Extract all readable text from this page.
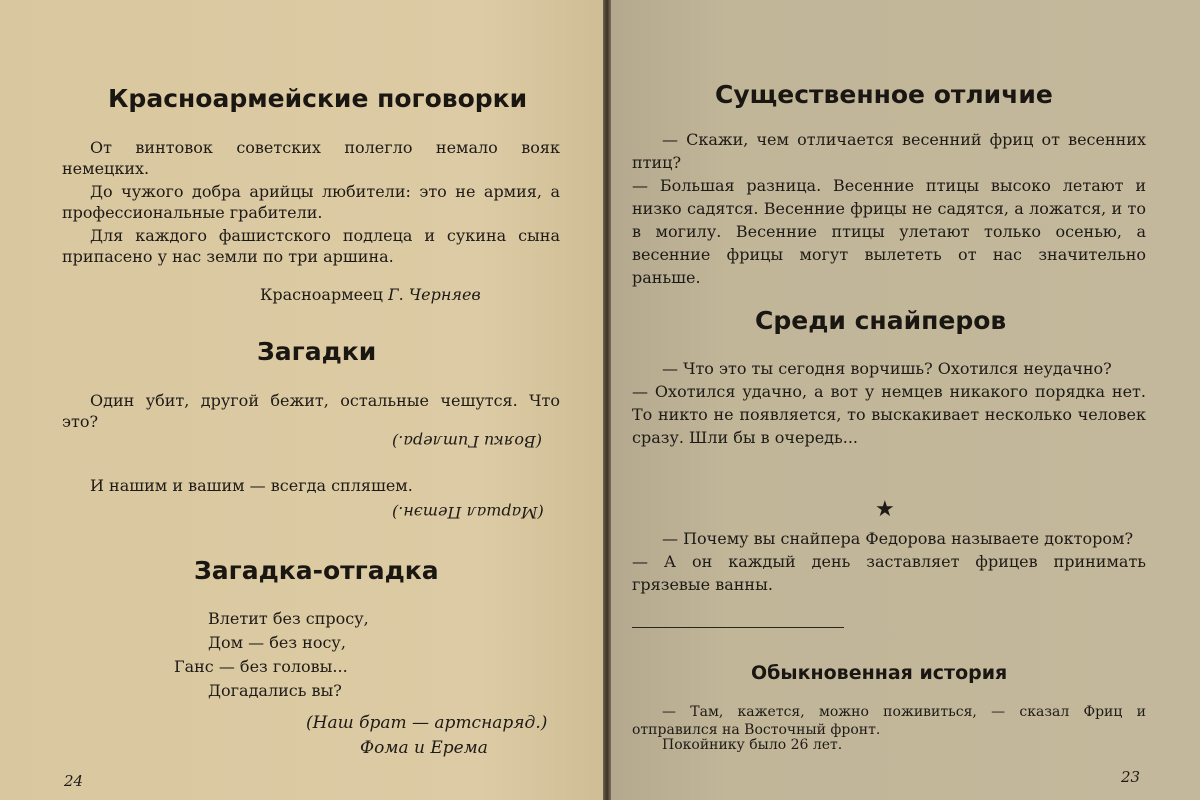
Красноармейские поговорки

От винтовок советских полегло немало вояк немецких.

До чужого добра арийцы любители: это не армия, а профессиональные грабители.

Для каждого фашистского подлеца и сукина сына припасено у нас земли по три аршина.

Красноармеец Г. Черняев
Загадки

Один убит, другой бежит, остальные чешутся. Что это?

(Вояки Гитлера.)

И нашим и вашим — всегда спляшем.

(Маршал Петэн.)
Загадка-отгадка
Влетит без спросу,
Дом — без носу,
Ганс — без головы...
Догадались вы?
(Наш брат — артснаряд.)
Фома и Ерема
24
Существенное отличие

— Скажи, чем отличается весенний фриц от весенних птиц?
— Большая разница. Весенние птицы высоко летают и низко садятся. Весенние фрицы не садятся, а ложатся, и то в могилу. Весенние птицы улетают только осенью, а весенние фрицы могут вылететь от нас значительно раньше.

Среди снайперов

— Что это ты сегодня ворчишь? Охотился неудачно?
— Охотился удачно, а вот у немцев никакого порядка нет. То никто не появляется, то выскакивает несколько человек сразу. Шли бы в очередь...

★

— Почему вы снайпера Федорова называете доктором?
— А он каждый день заставляет фрицев принимать грязевые ванны.

Обыкновенная история

— Там, кажется, можно поживиться, — сказал Фриц и отправился на Восточный фронт.

Покойнику было 26 лет.
23
